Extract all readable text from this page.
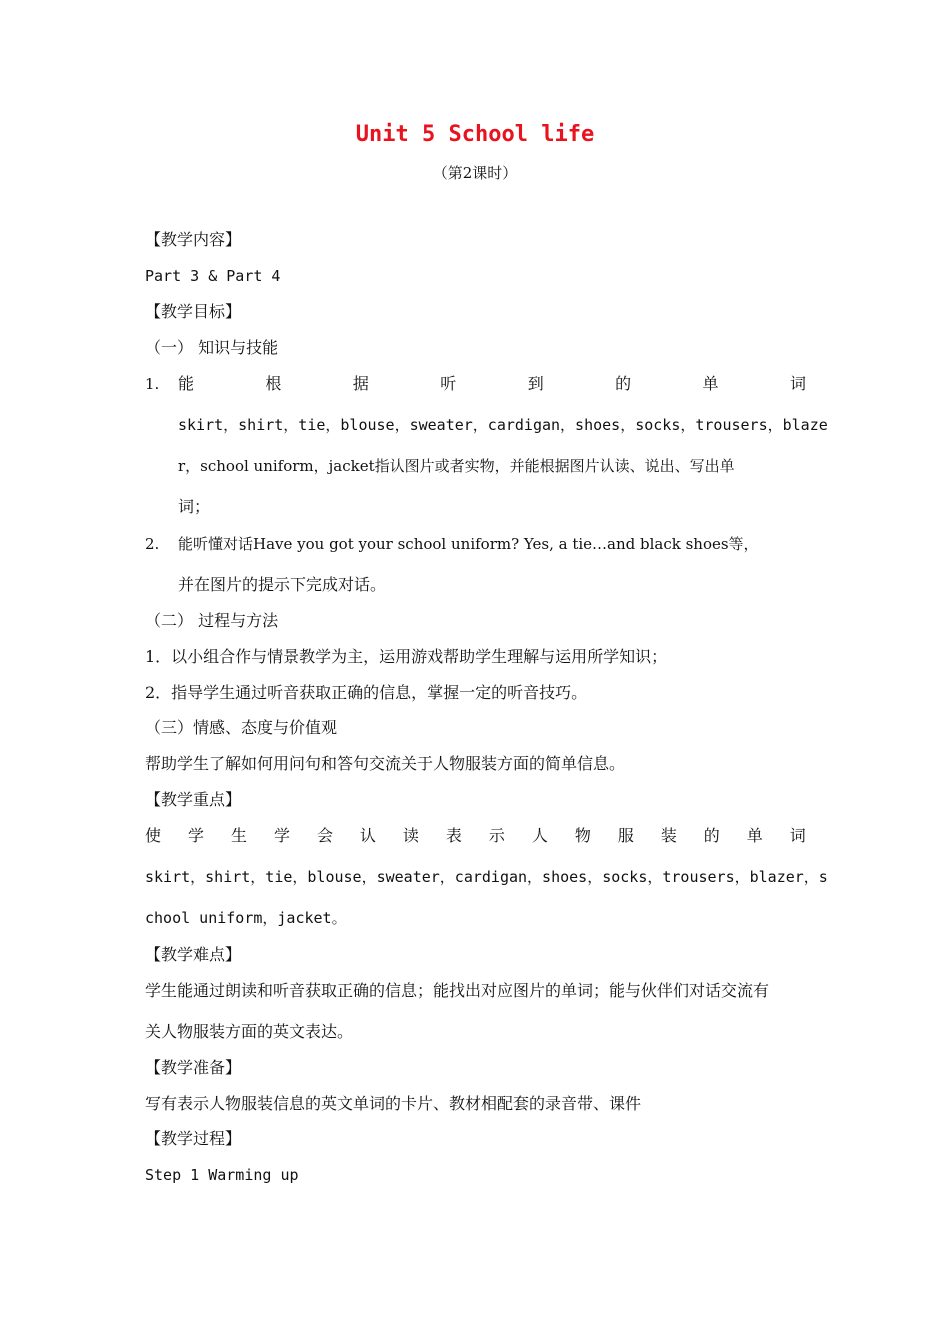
Unit 5 School life
（第2课时）
【教学内容】
Part 3 & Part 4
【教学目标】
（一） 知识与技能
1. 能	根	据	听	到	的	单	词
skirt，shirt，tie，blouse，sweater，cardigan，shoes，socks，trousers，blaze
r，school uniform，jacket指认图片或者实物，并能根据图片认读、说出、写出单
词；
2. 能听懂对话Have you got your school uniform? Yes, a tie…and black shoes等，
并在图片的提示下完成对话。
（二） 过程与方法
1．以小组合作与情景教学为主，运用游戏帮助学生理解与运用所学知识；
2．指导学生通过听音获取正确的信息，掌握一定的听音技巧。
（三）情感、态度与价值观
帮助学生了解如何用问句和答句交流关于人物服装方面的简单信息。
【教学重点】
使 学 生 学 会 认 读 表 示 人 物 服 装 的 单 词
skirt，shirt，tie，blouse，sweater，cardigan，shoes，socks，trousers，blazer，s
chool uniform，jacket。
【教学难点】
学生能通过朗读和听音获取正确的信息；能找出对应图片的单词；能与伙伴们对话交流有
关人物服装方面的英文表达。
【教学准备】
写有表示人物服装信息的英文单词的卡片、教材相配套的录音带、课件
【教学过程】
Step 1 Warming up
